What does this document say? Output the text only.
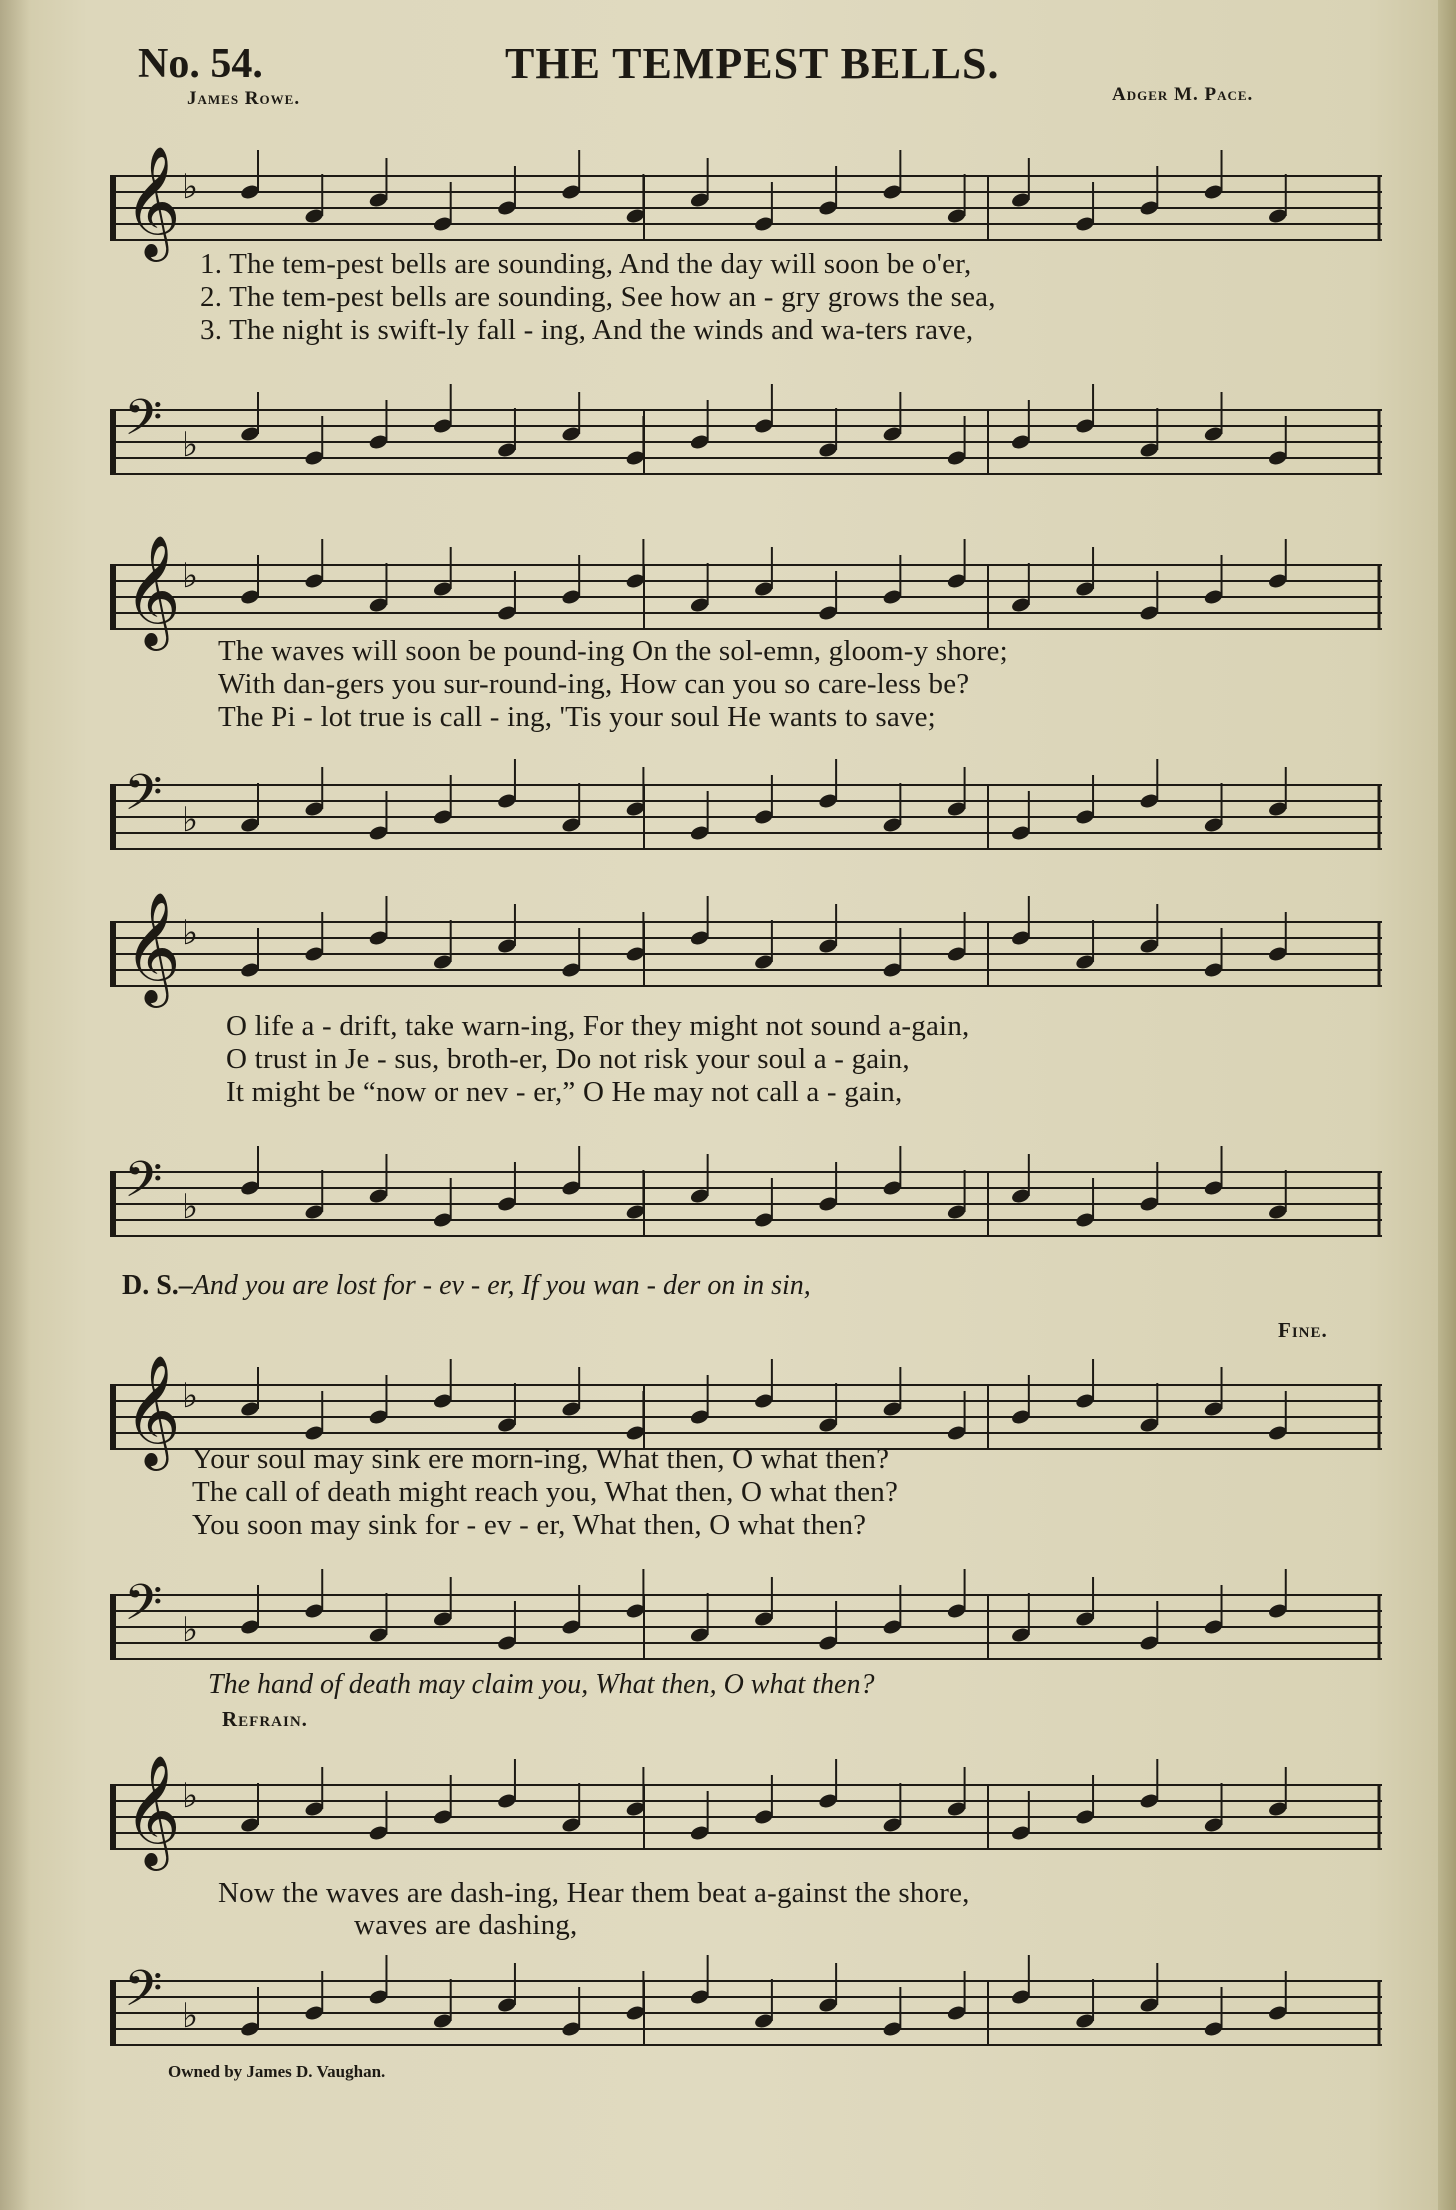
No. 54.	THE TEMPEST BELLS.
James Rowe.	Adger M. Pace.
𝄞 ♭
1. The tem-pest bells are sounding, And the day will soon be o'er,
2. The tem-pest bells are sounding, See how an - gry grows the sea,
3. The night is swift-ly fall - ing, And the winds and wa-ters rave,
𝄢 ♭
𝄞 ♭
The waves will soon be pound-ing On the sol-emn, gloom-y shore;
With dan-gers you sur-round-ing, How can you so care-less be?
The Pi - lot true is call - ing, 'Tis your soul He wants to save;
𝄢 ♭
𝄞 ♭
O life a - drift, take warn-ing, For they might not sound a-gain,
O trust in Je - sus, broth-er, Do not risk your soul a - gain,
It might be “now or nev - er,” O He may not call a - gain,
𝄢 ♭
D. S.–And you are lost for - ev - er, If you wan - der on in sin,
Fine.
𝄞 ♭
Your soul may sink ere morn-ing, What then, O what then?
The call of death might reach you, What then, O what then?
You soon may sink for - ev - er, What then, O what then?
𝄢 ♭
The hand of death may claim you, What then, O what then?
Refrain.
𝄞 ♭
Now the waves are dash-ing, Hear them beat a-gainst the shore,
waves are dashing,
𝄢 ♭
Owned by James D. Vaughan.
